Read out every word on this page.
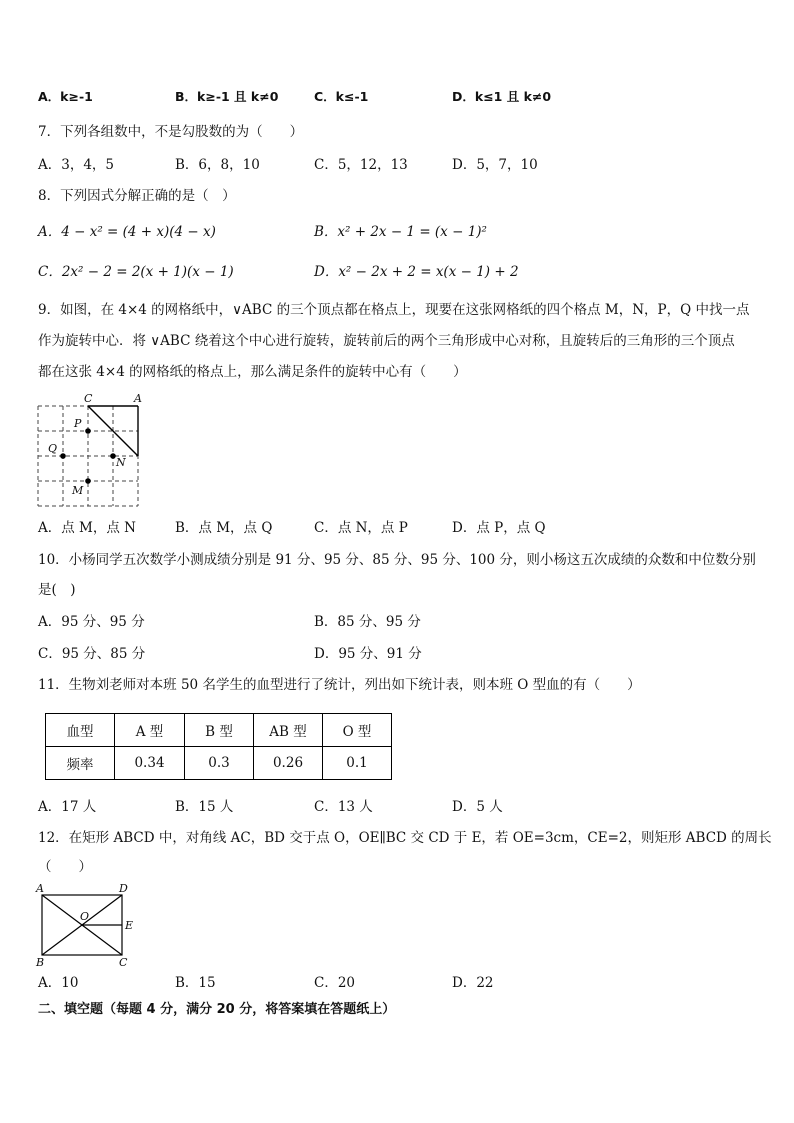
A．k≥-1	B．k≥-1 且 k≠0	C．k≤-1	D．k≤1 且 k≠0
7．下列各组数中，不是勾股数的为（　　）
A．3，4，5	B．6，8，10	C．5，12，13	D．5，7，10
8．下列因式分解正确的是（　）
A．4 − x² = (4 + x)(4 − x)	B．x² + 2x − 1 = (x − 1)²
C．2x² − 2 = 2(x + 1)(x − 1)	D．x² − 2x + 2 = x(x − 1) + 2
9．如图，在 4×4 的网格纸中，∨ABC 的三个顶点都在格点上，现要在这张网格纸的四个格点 M，N，P，Q 中找一点
作为旋转中心．将 ∨ABC 绕着这个中心进行旋转，旋转前后的两个三角形成中心对称，且旋转后的三角形的三个顶点
都在这张 4×4 的网格纸的格点上，那么满足条件的旋转中心有（　　）
C	A
P
Q
N
M
A．点 M，点 N	B．点 M，点 Q	C．点 N，点 P	D．点 P，点 Q
10．小杨同学五次数学小测成绩分别是 91 分、95 分、85 分、95 分、100 分，则小杨这五次成绩的众数和中位数分别
是(　)
A．95 分、95 分	B．85 分、95 分
C．95 分、85 分	D．95 分、91 分
11．生物刘老师对本班 50 名学生的血型进行了统计，列出如下统计表，则本班 O 型血的有（　　）
血型	A 型	B 型	AB 型	O 型
频率	0.34	0.3	0.26	0.1
A．17 人	B．15 人	C．13 人	D．5 人
12．在矩形 ABCD 中，对角线 AC，BD 交于点 O，OE∥BC 交 CD 于 E，若 OE=3cm，CE=2，则矩形 ABCD 的周长
（　　）
A	D
O
E
B	C
A．10	B．15	C．20	D．22
二、填空题（每题 4 分，满分 20 分，将答案填在答题纸上）
